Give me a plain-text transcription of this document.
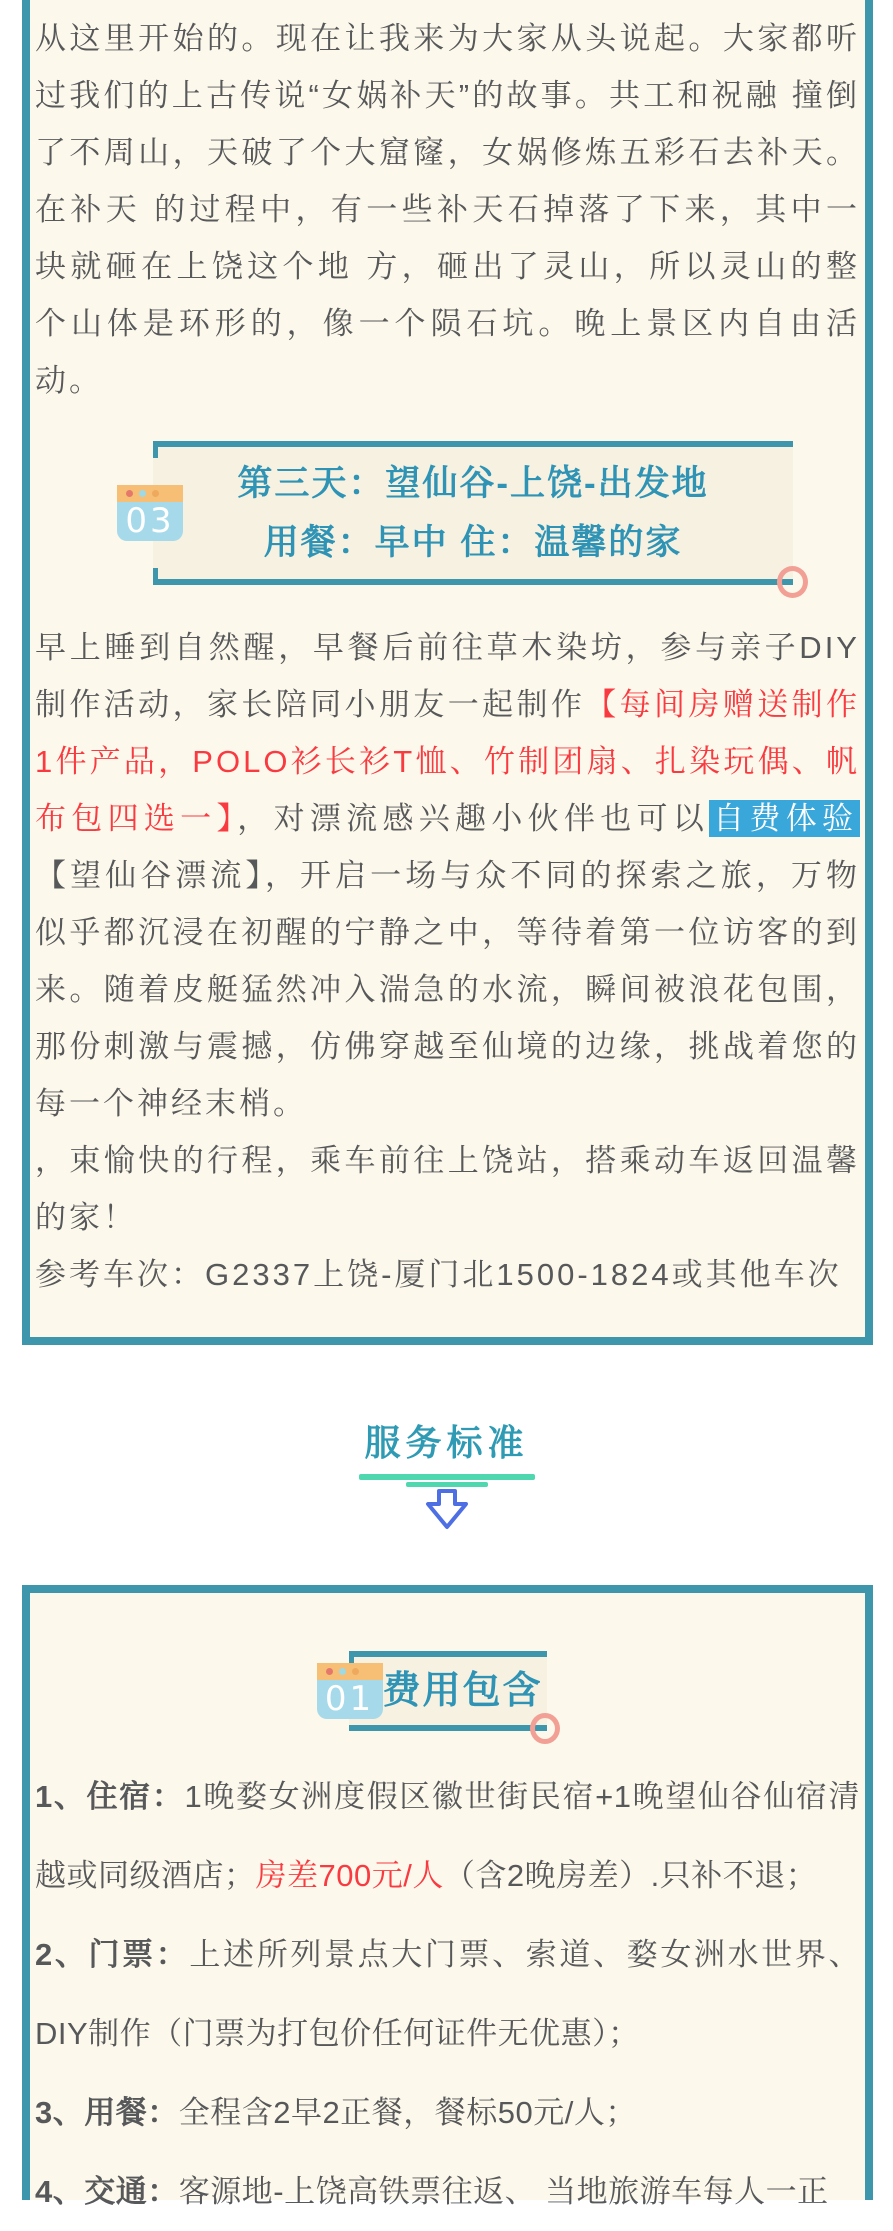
从这里开始的。现在让我来为大家从头说起。大家都听过我们的上古传说“女娲补天”的故事。共工和祝融 撞倒了不周山，天破了个大窟窿，女娲修炼五彩石去补天。在补天 的过程中，有一些补天石掉落了下来，其中一块就砸在上饶这个地 方，砸出了灵山，所以灵山的整个山体是环形的，像一个陨石坑。晚上景区内自由活动。

03
第三天：望仙谷-上饶-出发地
用餐：早中 住：温馨的家

早上睡到自然醒，早餐后前往草木染坊，参与亲子DIY制作活动，家长陪同小朋友一起制作【每间房赠送制作1件产品，POLO衫长衫T恤、竹制团扇、扎染玩偶、帆布包四选一】，对漂流感兴趣小伙伴也可以 自费体验【望仙谷漂流】，开启一场与众不同的探索之旅，万物似乎都沉浸在初醒的宁静之中，等待着第一位访客的到来。随着皮艇猛然冲入湍急的水流，瞬间被浪花包围，那份刺激与震撼，仿佛穿越至仙境的边缘，挑战着您的每一个神经末梢。

，束愉快的行程，乘车前往上饶站，搭乘动车返回温馨的家！

参考车次：G2337上饶-厦门北1500-1824或其他车次

服务标准
01 费用包含

1、住宿：1晚婺女洲度假区徽世街民宿+1晚望仙谷仙宿清越或同级酒店；房差700元/人（含2晚房差）.只补不退；

2、门票：上述所列景点大门票、索道、婺女洲水世界、DIY制作（门票为打包价任何证件无优惠）；

3、用餐：全程含2早2正餐，餐标50元/人；

4、交通：客源地-上饶高铁票往返、 当地旅游车每人一正
